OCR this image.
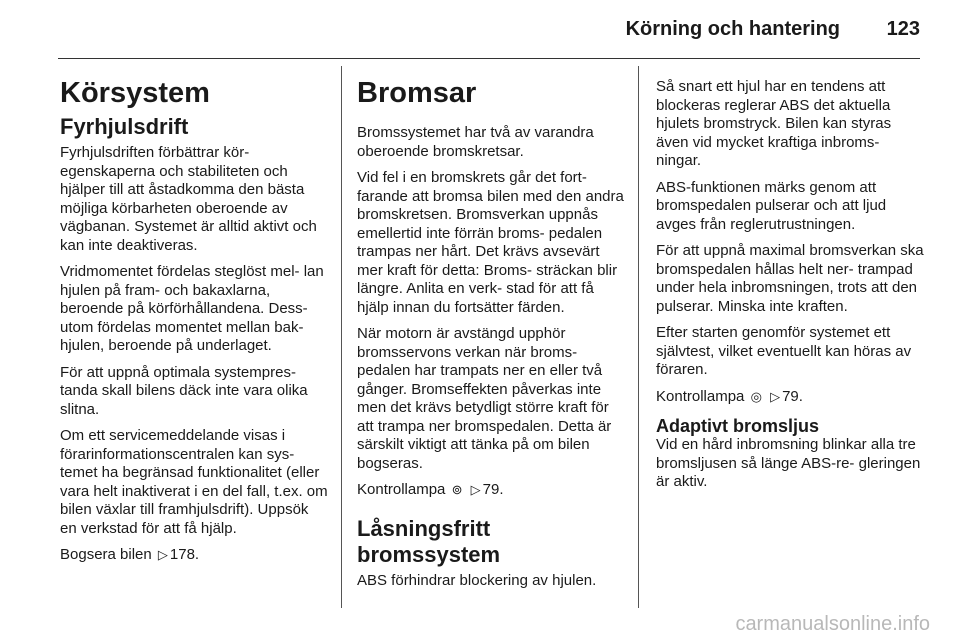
Körning och hantering 123
Körsystem
Fyrhjulsdrift

Fyrhjulsdriften förbättrar kör- egenskaperna och stabiliteten och hjälper till att åstadkomma den bästa möjliga körbarheten oberoende av vägbanan. Systemet är alltid aktivt och kan inte deaktiveras.

Vridmomentet fördelas steglöst mel- lan hjulen på fram- och bakaxlarna, beroende på körförhållandena. Dess- utom fördelas momentet mellan bak- hjulen, beroende på underlaget.

För att uppnå optimala systempres- tanda skall bilens däck inte vara olika slitna.

Om ett servicemeddelande visas i förarinformationscentralen kan sys- temet ha begränsad funktionalitet (eller vara helt inaktiverat i en del fall, t.ex. om bilen växlar till framhjulsdrift). Uppsök en verkstad för att få hjälp.

Bogsera bilen ▷ 178.

Bromsar

Bromssystemet har två av varandra oberoende bromskretsar.

Vid fel i en bromskrets går det fort- farande att bromsa bilen med den andra bromskretsen. Bromsverkan uppnås emellertid inte förrän broms- pedalen trampas ner hårt. Det krävs avsevärt mer kraft för detta: Broms- sträckan blir längre. Anlita en verk- stad för att få hjälp innan du fortsätter färden.

När motorn är avstängd upphör bromsservons verkan när broms- pedalen har trampats ner en eller två gånger. Bromseffekten påverkas inte men det krävs betydligt större kraft för att trampa ner bromspedalen. Detta är särskilt viktigt att tänka på om bilen bogseras.

Kontrollampa ⊚ ▷ 79.

Låsningsfritt bromssystem

ABS förhindrar blockering av hjulen.

Så snart ett hjul har en tendens att blockeras reglerar ABS det aktuella hjulets bromstryck. Bilen kan styras även vid mycket kraftiga inbroms- ningar.

ABS-funktionen märks genom att bromspedalen pulserar och att ljud avges från reglerutrustningen.

För att uppnå maximal bromsverkan ska bromspedalen hållas helt ner- trampad under hela inbromsningen, trots att den pulserar. Minska inte kraften.

Efter starten genomför systemet ett självtest, vilket eventuellt kan höras av föraren.

Kontrollampa ◎ ▷ 79.

Adaptivt bromsljus

Vid en hård inbromsning blinkar alla tre bromsljusen så länge ABS-re- gleringen är aktiv.

carmanualsonline.info
